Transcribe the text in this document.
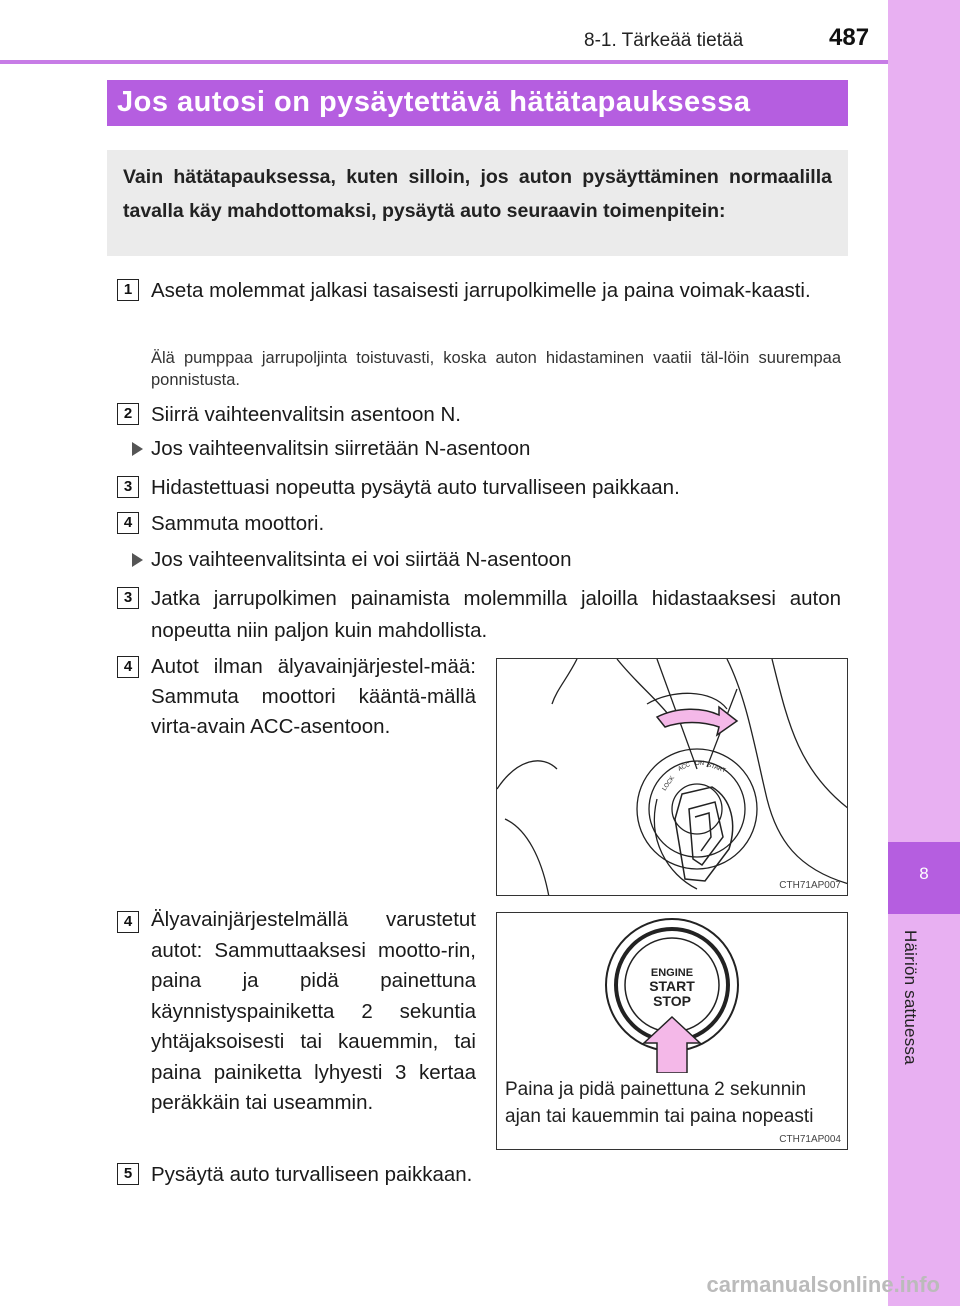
8
Häiriön sattuessa
8-1. Tärkeää tietää	487
Jos autosi on pysäytettävä hätätapauksessa
Vain hätätapauksessa, kuten silloin, jos auton pysäyttäminen normaalilla tavalla käy mahdottomaksi, pysäytä auto seuraavin toimenpitein:
1 Aseta molemmat jalkasi tasaisesti jarrupolkimelle ja paina voimak-kaasti.
Älä pumppaa jarrupoljinta toistuvasti, koska auton hidastaminen vaatii täl-löin suurempaa ponnistusta.
2 Siirrä vaihteenvalitsin asentoon N.
Jos vaihteenvalitsin siirretään N-asentoon
3 Hidastettuasi nopeutta pysäytä auto turvalliseen paikkaan.
4 Sammuta moottori.
Jos vaihteenvalitsinta ei voi siirtää N-asentoon
3 Jatka jarrupolkimen painamista molemmilla jaloilla hidastaaksesi auton nopeutta niin paljon kuin mahdollista.
4 Autot ilman älyavainjärjestel-mää: Sammuta moottori kääntä-mällä virta-avain ACC-asentoon.
LOCK
ACC ON START
CTH71AP007
4 Älyavainjärjestelmällä varustetut autot: Sammuttaaksesi mootto-rin, paina ja pidä painettuna käynnistyspainiketta 2 sekuntia yhtäjaksoisesti tai kauemmin, tai paina painiketta lyhyesti 3 kertaa peräkkäin tai useammin.
ENGINE
START
STOP
Paina ja pidä painettuna 2 sekunnin
ajan tai kauemmin tai paina nopeasti
CTH71AP004
5 Pysäytä auto turvalliseen paikkaan.
carmanualsonline.info
